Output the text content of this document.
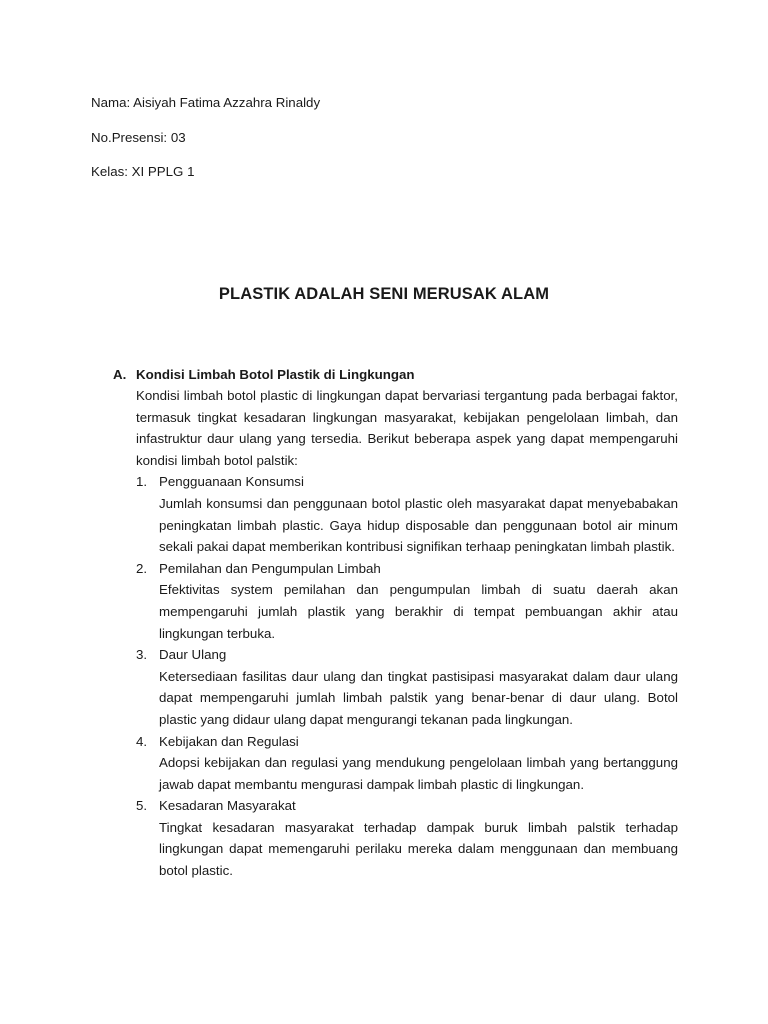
Nama: Aisiyah Fatima Azzahra Rinaldy
No.Presensi: 03
Kelas: XI PPLG 1
PLASTIK ADALAH SENI MERUSAK ALAM
A. Kondisi Limbah Botol Plastik di Lingkungan

Kondisi limbah botol plastic di lingkungan dapat bervariasi tergantung pada berbagai faktor, termasuk tingkat kesadaran lingkungan masyarakat, kebijakan pengelolaan limbah, dan infastruktur daur ulang yang tersedia. Berikut beberapa aspek yang dapat mempengaruhi kondisi limbah botol palstik:

1. Pengguanaan Konsumsi

Jumlah konsumsi dan penggunaan botol plastic oleh masyarakat dapat menyebabakan peningkatan limbah plastic. Gaya hidup disposable dan penggunaan botol air minum sekali pakai dapat memberikan kontribusi signifikan terhaap peningkatan limbah plastik.

2. Pemilahan dan Pengumpulan Limbah

Efektivitas system pemilahan dan pengumpulan limbah di suatu daerah akan mempengaruhi jumlah plastik yang berakhir di tempat pembuangan akhir atau lingkungan terbuka.

3. Daur Ulang

Ketersediaan fasilitas daur ulang dan tingkat pastisipasi masyarakat dalam daur ulang dapat mempengaruhi jumlah limbah palstik yang benar-benar di daur ulang. Botol plastic yang didaur ulang dapat mengurangi tekanan pada lingkungan.

4. Kebijakan dan Regulasi

Adopsi kebijakan dan regulasi yang mendukung pengelolaan limbah yang bertanggung jawab dapat membantu mengurasi dampak limbah plastic di lingkungan.

5. Kesadaran Masyarakat

Tingkat kesadaran masyarakat terhadap dampak buruk limbah palstik terhadap lingkungan dapat memengaruhi perilaku mereka dalam menggunaan dan membuang botol plastic.
